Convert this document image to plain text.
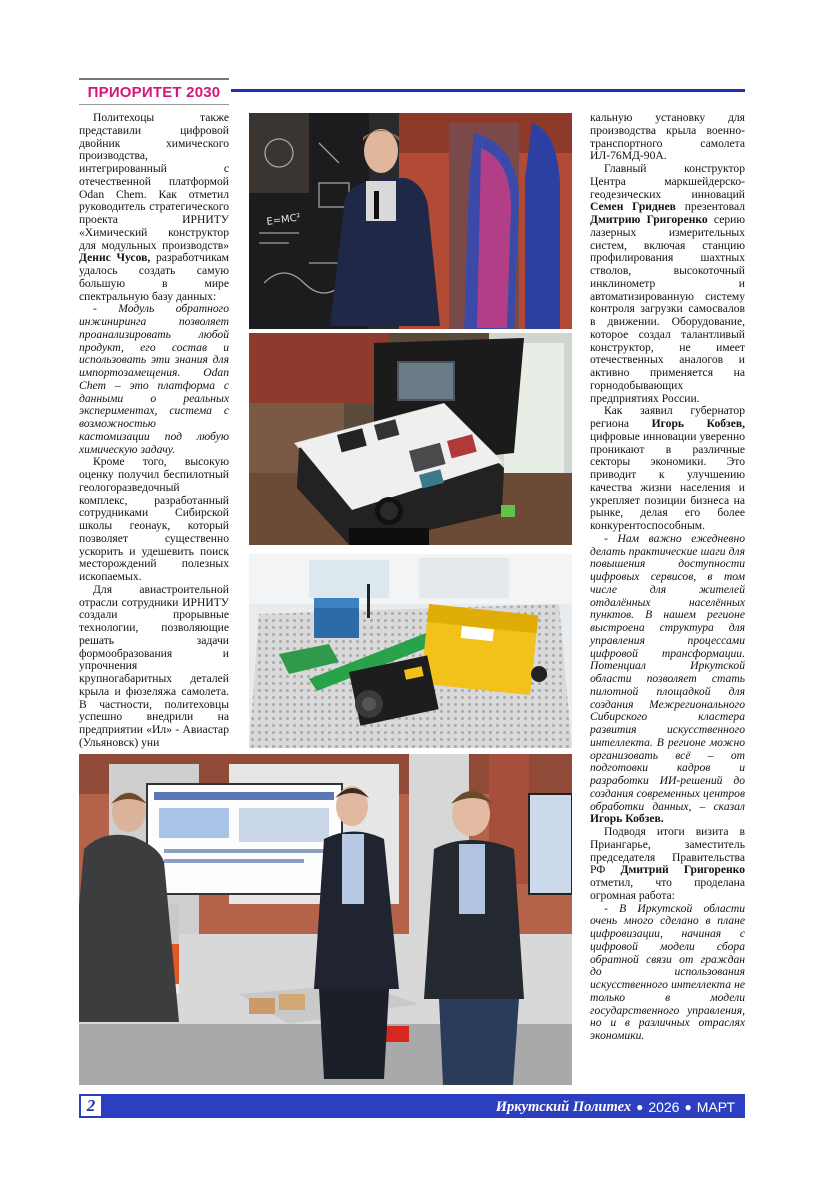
ПРИОРИТЕТ 2030

Политехоцы также представили цифровой двойник химического производства, интегрированный с отечественной платформой Odan Chem. Как отметил руководитель стратегического проекта ИРНИТУ «Химический конструктор для модульных производств» Денис Чусов, разработчикам удалось создать самую большую в мире спектральную базу данных:

- Модуль обратного инжиниринга позволяет проанализировать любой продукт, его состав и использовать эти знания для импортозамещения. Odan Chem – это платформа с данными о реальных экспериментах, система с возможностью кастомизации под любую химическую задачу.

Кроме того, высокую оценку получил беспилотный геологоразведочный комплекс, разработанный сотрудниками Сибирской школы геонаук, который позволяет существенно ускорить и удешевить поиск месторождений полезных ископаемых.

Для авиастроительной отрасли сотрудники ИРНИТУ создали прорывные технологии, позволяющие решать задачи формообразования и упрочнения крупногабаритных деталей крыла и фюзеляжа самолета. В частности, политеховцы успешно внедрили на предприятии «Ил» - Авиастар (Ульяновск) уни

E=MC²

кальную установку для производства крыла военно-транспортного самолета ИЛ-76МД-90А.

Главный конструктор Центра маркшейдерско-геодезических инноваций Семен Гриднев презентовал Дмитрию Григоренко серию лазерных измерительных систем, включая станцию профилирования шахтных стволов, высокоточный инклинометр и автоматизированную систему контроля загрузки самосвалов в движении. Оборудование, которое создал талантливый конструктор, не имеет отечественных аналогов и активно применяется на горнодобывающих предприятиях России.

Как заявил губернатор региона Игорь Кобзев, цифровые инновации уверенно проникают в различные секторы экономики. Это приводит к улучшению качества жизни населения и укрепляет позиции бизнеса на рынке, делая его более конкурентоспособным.

- Нам важно ежедневно делать практические шаги для повышения доступности цифровых сервисов, в том числе для жителей отдалённых населённых пунктов. В нашем регионе выстроена структура для управления процессами цифровой трансформации. Потенциал Иркутской области позволяет стать пилотной площадкой для создания Межрегионального Сибирского кластера развития искусственного интеллекта. В регионе можно организовать всё – от подготовки кадров и разработки ИИ-решений до создания современных центров обработки данных, – сказал Игорь Кобзев.

Подводя итоги визита в Приангарье, заместитель председателя Правительства РФ Дмитрий Григоренко отметил, что проделана огромная работа:

- В Иркутской области очень много сделано в плане цифровизации, начиная с цифровой модели сбора обратной связи от граждан до использования искусственного интеллекта не только в модели государственного управления, но и в различных отраслях экономики.

2	Иркутский Политех ● 2026 ● МАРТ
